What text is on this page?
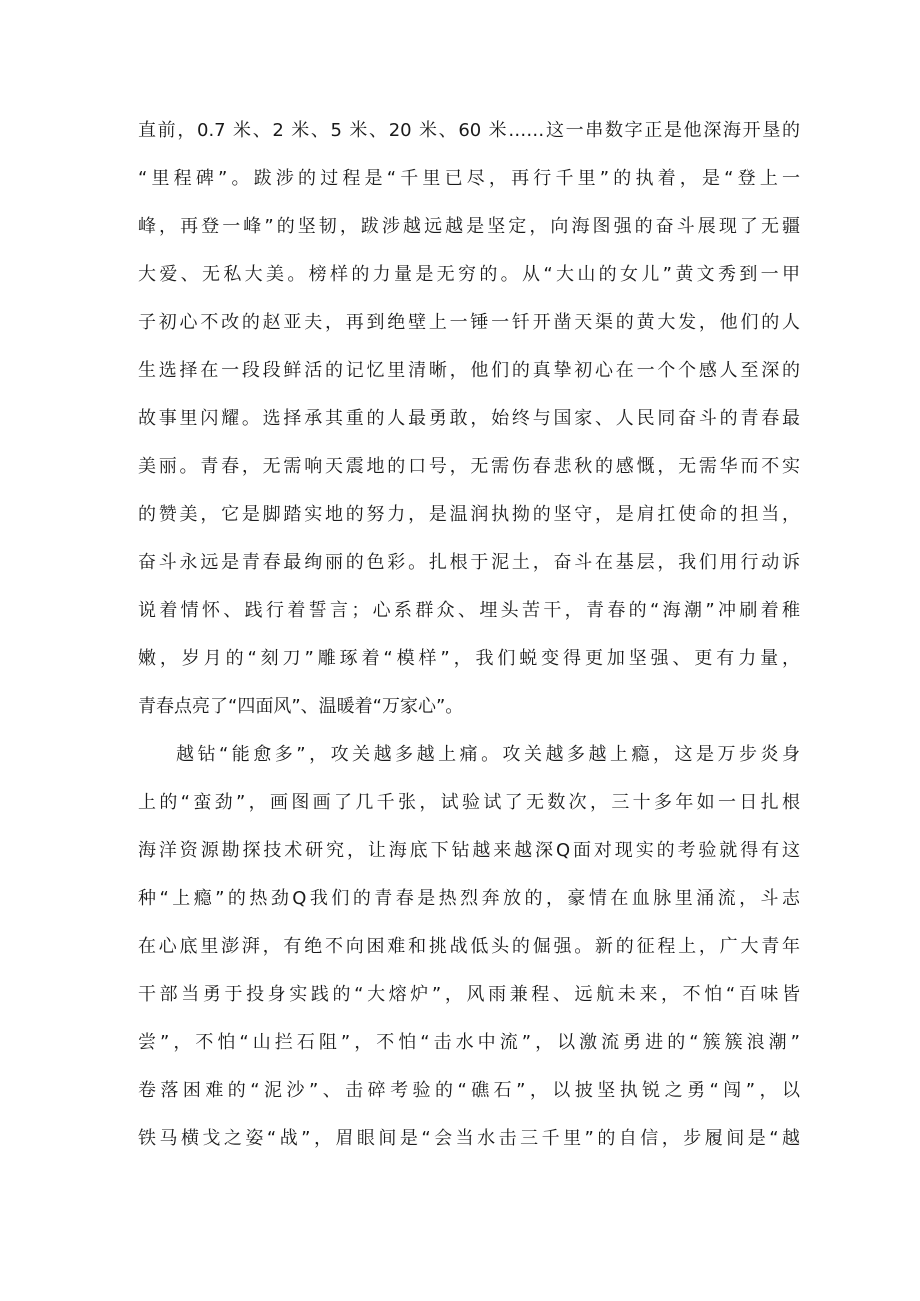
直前，0.7 米、2 米、5 米、20 米、60 米……这一串数字正是他深海开垦的
“里程碑”。跋涉的过程是“千里已尽，再行千里”的执着，是“登上一
峰，再登一峰”的坚韧，跋涉越远越是坚定，向海图强的奋斗展现了无疆
大爱、无私大美。榜样的力量是无穷的。从“大山的女儿”黄文秀到一甲
子初心不改的赵亚夫，再到绝壁上一锤一钎开凿天渠的黄大发，他们的人
生选择在一段段鲜活的记忆里清晰，他们的真挚初心在一个个感人至深的
故事里闪耀。选择承其重的人最勇敢，始终与国家、人民同奋斗的青春最
美丽。青春，无需响天震地的口号，无需伤春悲秋的感慨，无需华而不实
的赞美，它是脚踏实地的努力，是温润执拗的坚守，是肩扛使命的担当，
奋斗永远是青春最绚丽的色彩。扎根于泥土，奋斗在基层，我们用行动诉
说着情怀、践行着誓言；心系群众、埋头苦干，青春的“海潮”冲刷着稚
嫩，岁月的“刻刀”雕琢着“模样”，我们蜕变得更加坚强、更有力量，
青春点亮了“四面风”、温暖着“万家心”。
越钻“能愈多”，攻关越多越上痛。攻关越多越上瘾，这是万步炎身
上的“蛮劲”，画图画了几千张，试验试了无数次，三十多年如一日扎根
海洋资源勘探技术研究，让海底下钻越来越深Q面对现实的考验就得有这
种“上瘾”的热劲Q我们的青春是热烈奔放的，豪情在血脉里涌流，斗志
在心底里澎湃，有绝不向困难和挑战低头的倔强。新的征程上，广大青年
干部当勇于投身实践的“大熔炉”，风雨兼程、远航未来，不怕“百味皆
尝”，不怕“山拦石阻”，不怕“击水中流”，以激流勇进的“簇簇浪潮”
卷落困难的“泥沙”、击碎考验的“礁石”，以披坚执锐之勇“闯”，以
铁马横戈之姿“战”，眉眼间是“会当水击三千里”的自信，步履间是“越
